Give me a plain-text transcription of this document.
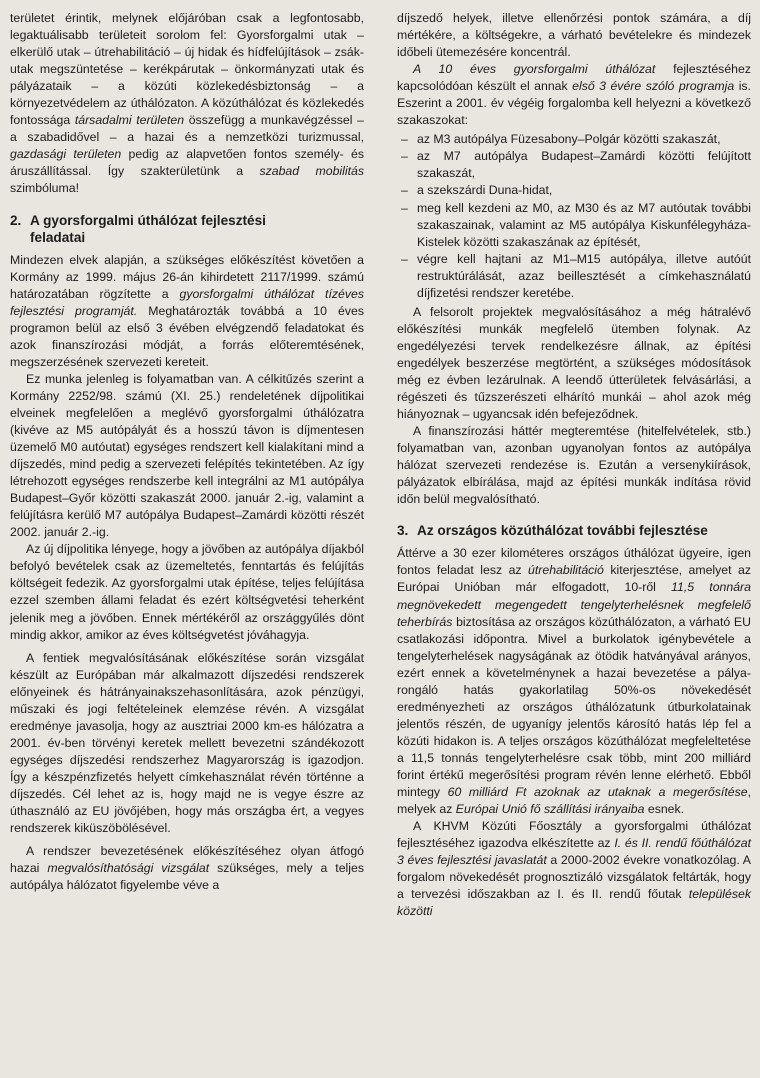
területet érintik, melynek előjáróban csak a legfontosabb, legaktuálisabb területeit sorolom fel: Gyorsforgalmi utak – elkerülő utak – útrehabilitáció – új hidak és hídfelújítások – zsák-utak megszüntetése – kerékpárutak – önkormányzati utak és pályázataik – a közúti közlekedésbiztonság – a környezetvédelem az úthálózaton. A közúthálózat és közlekedés fontossága társadalmi területen összefügg a munkavégzéssel – a szabadidővel – a hazai és a nemzetközi turizmussal, gazdasági területen pedig az alapvetően fontos személy- és áruszállítással. Így szakterületünk a szabad mobilitás szimbóluma!

2. A gyorsforgalmi úthálózat fejlesztési
feladatai

Mindezen elvek alapján, a szükséges előkészítést követően a Kormány az 1999. május 26-án kihirdetett 2117/1999. számú határozatában rögzítette a gyorsforgalmi úthálózat tízéves fejlesztési programját. Meghatározták továbbá a 10 éves programon belül az első 3 évében elvégzendő feladatokat és azok finanszírozási módját, a forrás előteremtésének, megszerzésének szervezeti kereteit.

Ez munka jelenleg is folyamatban van. A célkitűzés szerint a Kormány 2252/98. számú (XI. 25.) rendeletének díjpolitikai elveinek megfelelően a meglévő gyorsforgalmi úthálózatra (kivéve az M5 autópályát és a hosszú távon is díjmentesen üzemelő M0 autóutat) egységes rendszert kell kialakítani mind a díjszedés, mind pedig a szervezeti felépítés tekintetében. Az így létrehozott egységes rendszerbe kell integrálni az M1 autópálya Budapest–Győr közötti szakaszát 2000. január 2.-ig, valamint a felújításra kerülő M7 autópálya Budapest–Zamárdi közötti részét 2002. január 2.-ig.

Az új díjpolitika lényege, hogy a jövőben az autópálya díjakból befolyó bevételek csak az üzemeltetés, fenntartás és felújítás költségeit fedezik. Az gyorsforgalmi utak építése, teljes felújítása ezzel szemben állami feladat és ezért költségvetési teherként jelenik meg a jövőben. Ennek mértékéről az országgyűlés dönt mindig akkor, amikor az éves költségvetést jóváhagyja.

A fentiek megvalósításának előkészítése során vizsgálat készült az Európában már alkalmazott díjszedési rendszerek előnyeinek és hátrányainakszehasonlítására, azok pénzügyi, műszaki és jogi feltételeinek elemzése révén. A vizsgálat eredménye javasolja, hogy az ausztriai 2000 km-es hálózatra a 2001. év-ben törvényi keretek mellett bevezetni szándékozott egységes díjszedési rendszerhez Magyarország is igazodjon. Így a készpénzfizetés helyett címkehasználat révén történne a díjszedés. Cél lehet az is, hogy majd ne is vegye észre az úthasználó az EU jövőjében, hogy más országba ért, a vegyes rendszerek kiküszöbölésével.

A rendszer bevezetésének előkészítéséhez olyan átfogó hazai megvalósíthatósági vizsgálat szükséges, mely a teljes autópálya hálózatot figyelembe véve a

díjszedő helyek, illetve ellenőrzési pontok számára, a díj mértékére, a költségekre, a várható bevételekre és mindezek időbeli ütemezésére koncentrál.

A 10 éves gyorsforgalmi úthálózat fejlesztéséhez kapcsolódóan készült el annak első 3 évére szóló programja is. Eszerint a 2001. év végéig forgalomba kell helyezni a következő szakaszokat:

– az M3 autópálya Füzesabony–Polgár közötti szakaszát,
– az M7 autópálya Budapest–Zamárdi közötti felújított szakaszát,
– a szekszárdi Duna-hidat,
– meg kell kezdeni az M0, az M30 és az M7 autóutak további szakaszainak, valamint az M5 autópálya Kiskunfélegyháza-Kistelek közötti szakaszának az építését,
– végre kell hajtani az M1–M15 autópálya, illetve autóút restruktúrálását, azaz beillesztését a címkehasználatú díjfizetési rendszer keretébe.

A felsorolt projektek megvalósításához a még hátralévő előkészítési munkák megfelelő ütemben folynak. Az engedélyezési tervek rendelkezésre állnak, az építési engedélyek beszerzése megtörtént, a szükséges módosítások még ez évben lezárulnak. A leendő útterületek felvásárlási, a régészeti és tűzszerészeti elhárító munkái – ahol azok még hiányoznak – ugyancsak idén befejeződnek.

A finanszírozási háttér megteremtése (hitelfelvételek, stb.) folyamatban van, azonban ugyanolyan fontos az autópálya hálózat szervezeti rendezése is. Ezután a versenykiírások, pályázatok elbírálása, majd az építési munkák indítása rövid időn belül megvalósítható.

3. Az országos közúthálózat további fejlesztése

Áttérve a 30 ezer kilométeres országos úthálózat ügyeire, igen fontos feladat lesz az útrehabilitáció kiterjesztése, amelyet az Európai Unióban már elfogadott, 10-ről 11,5 tonnára megnövekedett megengedett tengelyterhelésnek megfelelő teherbírás biztosítása az országos közúthálózaton, a várható EU csatlakozási időpontra. Mivel a burkolatok igénybevétele a tengelyterhelések nagyságának az ötödik hatványával arányos, ezért ennek a követelménynek a hazai bevezetése a pálya-rongáló hatás gyakorlatilag 50%-os növekedését eredményezheti az országos úthálózatunk útburkolatainak jelentős részén, de ugyanígy jelentős károsító hatás lép fel a közúti hidakon is. A teljes országos közúthálózat megfeleltetése a 11,5 tonnás tengelyterhelésre csak több, mint 200 milliárd forint értékű megerősítési program révén lenne elérhető. Ebből mintegy 60 milliárd Ft azoknak az utaknak a megerősítése, melyek az Európai Unió fő szállítási irányaiba esnek.

A KHVM Közúti Főosztály a gyorsforgalmi úthálózat fejlesztéséhez igazodva elkészítette az I. és II. rendű főúthálózat 3 éves fejlesztési javaslatát a 2000-2002 évekre vonatkozólag. A forgalom növekedését prognosztizáló vizsgálatok feltárták, hogy a tervezési időszakban az I. és II. rendű főutak települések közötti
